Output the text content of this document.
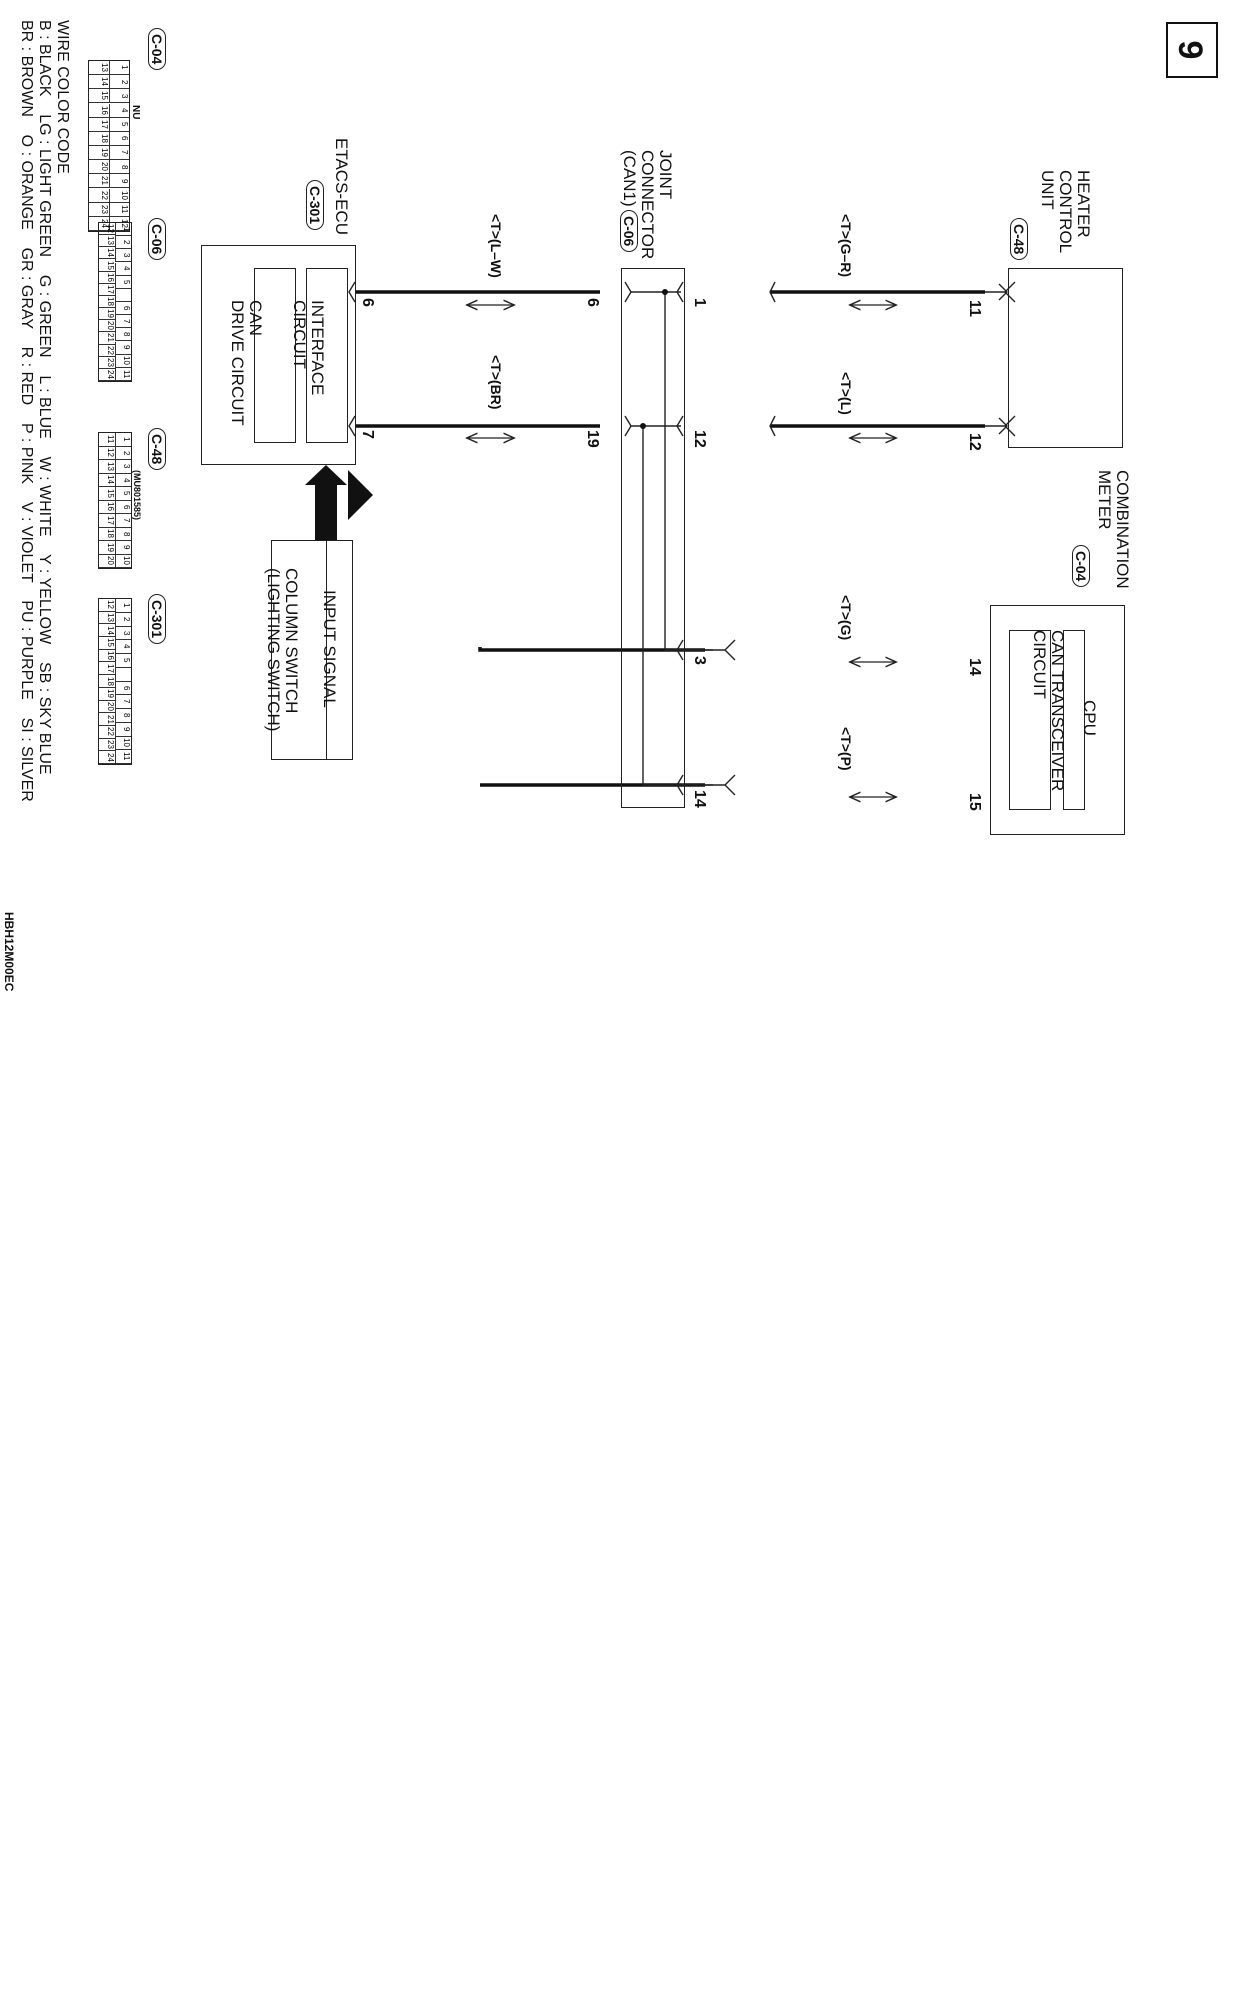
9
HEATER
CONTROL
UNIT
C-48
11
12
COMBINATION
METER
C-04
CPU
CAN TRANSCEIVER
CIRCUIT
14
15
JOINT
CONNECTOR
(CAN1)
C-06
1
12
3
14
6
19
ETACS-ECU
C-301
6
7
INTERFACE
CIRCUIT
CAN
DRIVE CIRCUIT
INPUT SIGNAL
COLUMN SWITCH
(LIGHTING SWITCH)
<T>(G–R)
<T>(L)
<T>(G)
<T>(P)
<T>(L–W)
<T>(BR)
C-04
C-06
C-48
C-301
(MU801585)
NU
1
2
3
4
5
6
7
8
9
10
11
12
13
14
15
16
17
18
19
20
21
22
23
24
1
2
3
4
5
6
7
8
9
10
11
12
13
14
15
16
17
18
19
20
21
22
23
24
1
2
3
4
5
6
7
8
9
10
11
12
13
14
15
16
17
18
19
20
1
2
3
4
5
6
7
8
9
10
11
12
13
14
15
16
17
18
19
20
21
22
23
24
WIRE COLOR CODE
B : BLACK    LG : LIGHT GREEN    G : GREEN    L : BLUE    W : WHITE    Y : YELLOW    SB : SKY BLUE
BR : BROWN    O : ORANGE    GR : GRAY    R : RED    P : PINK    V : VIOLET    PU : PURPLE    SI : SILVER
HBH12M00EC
